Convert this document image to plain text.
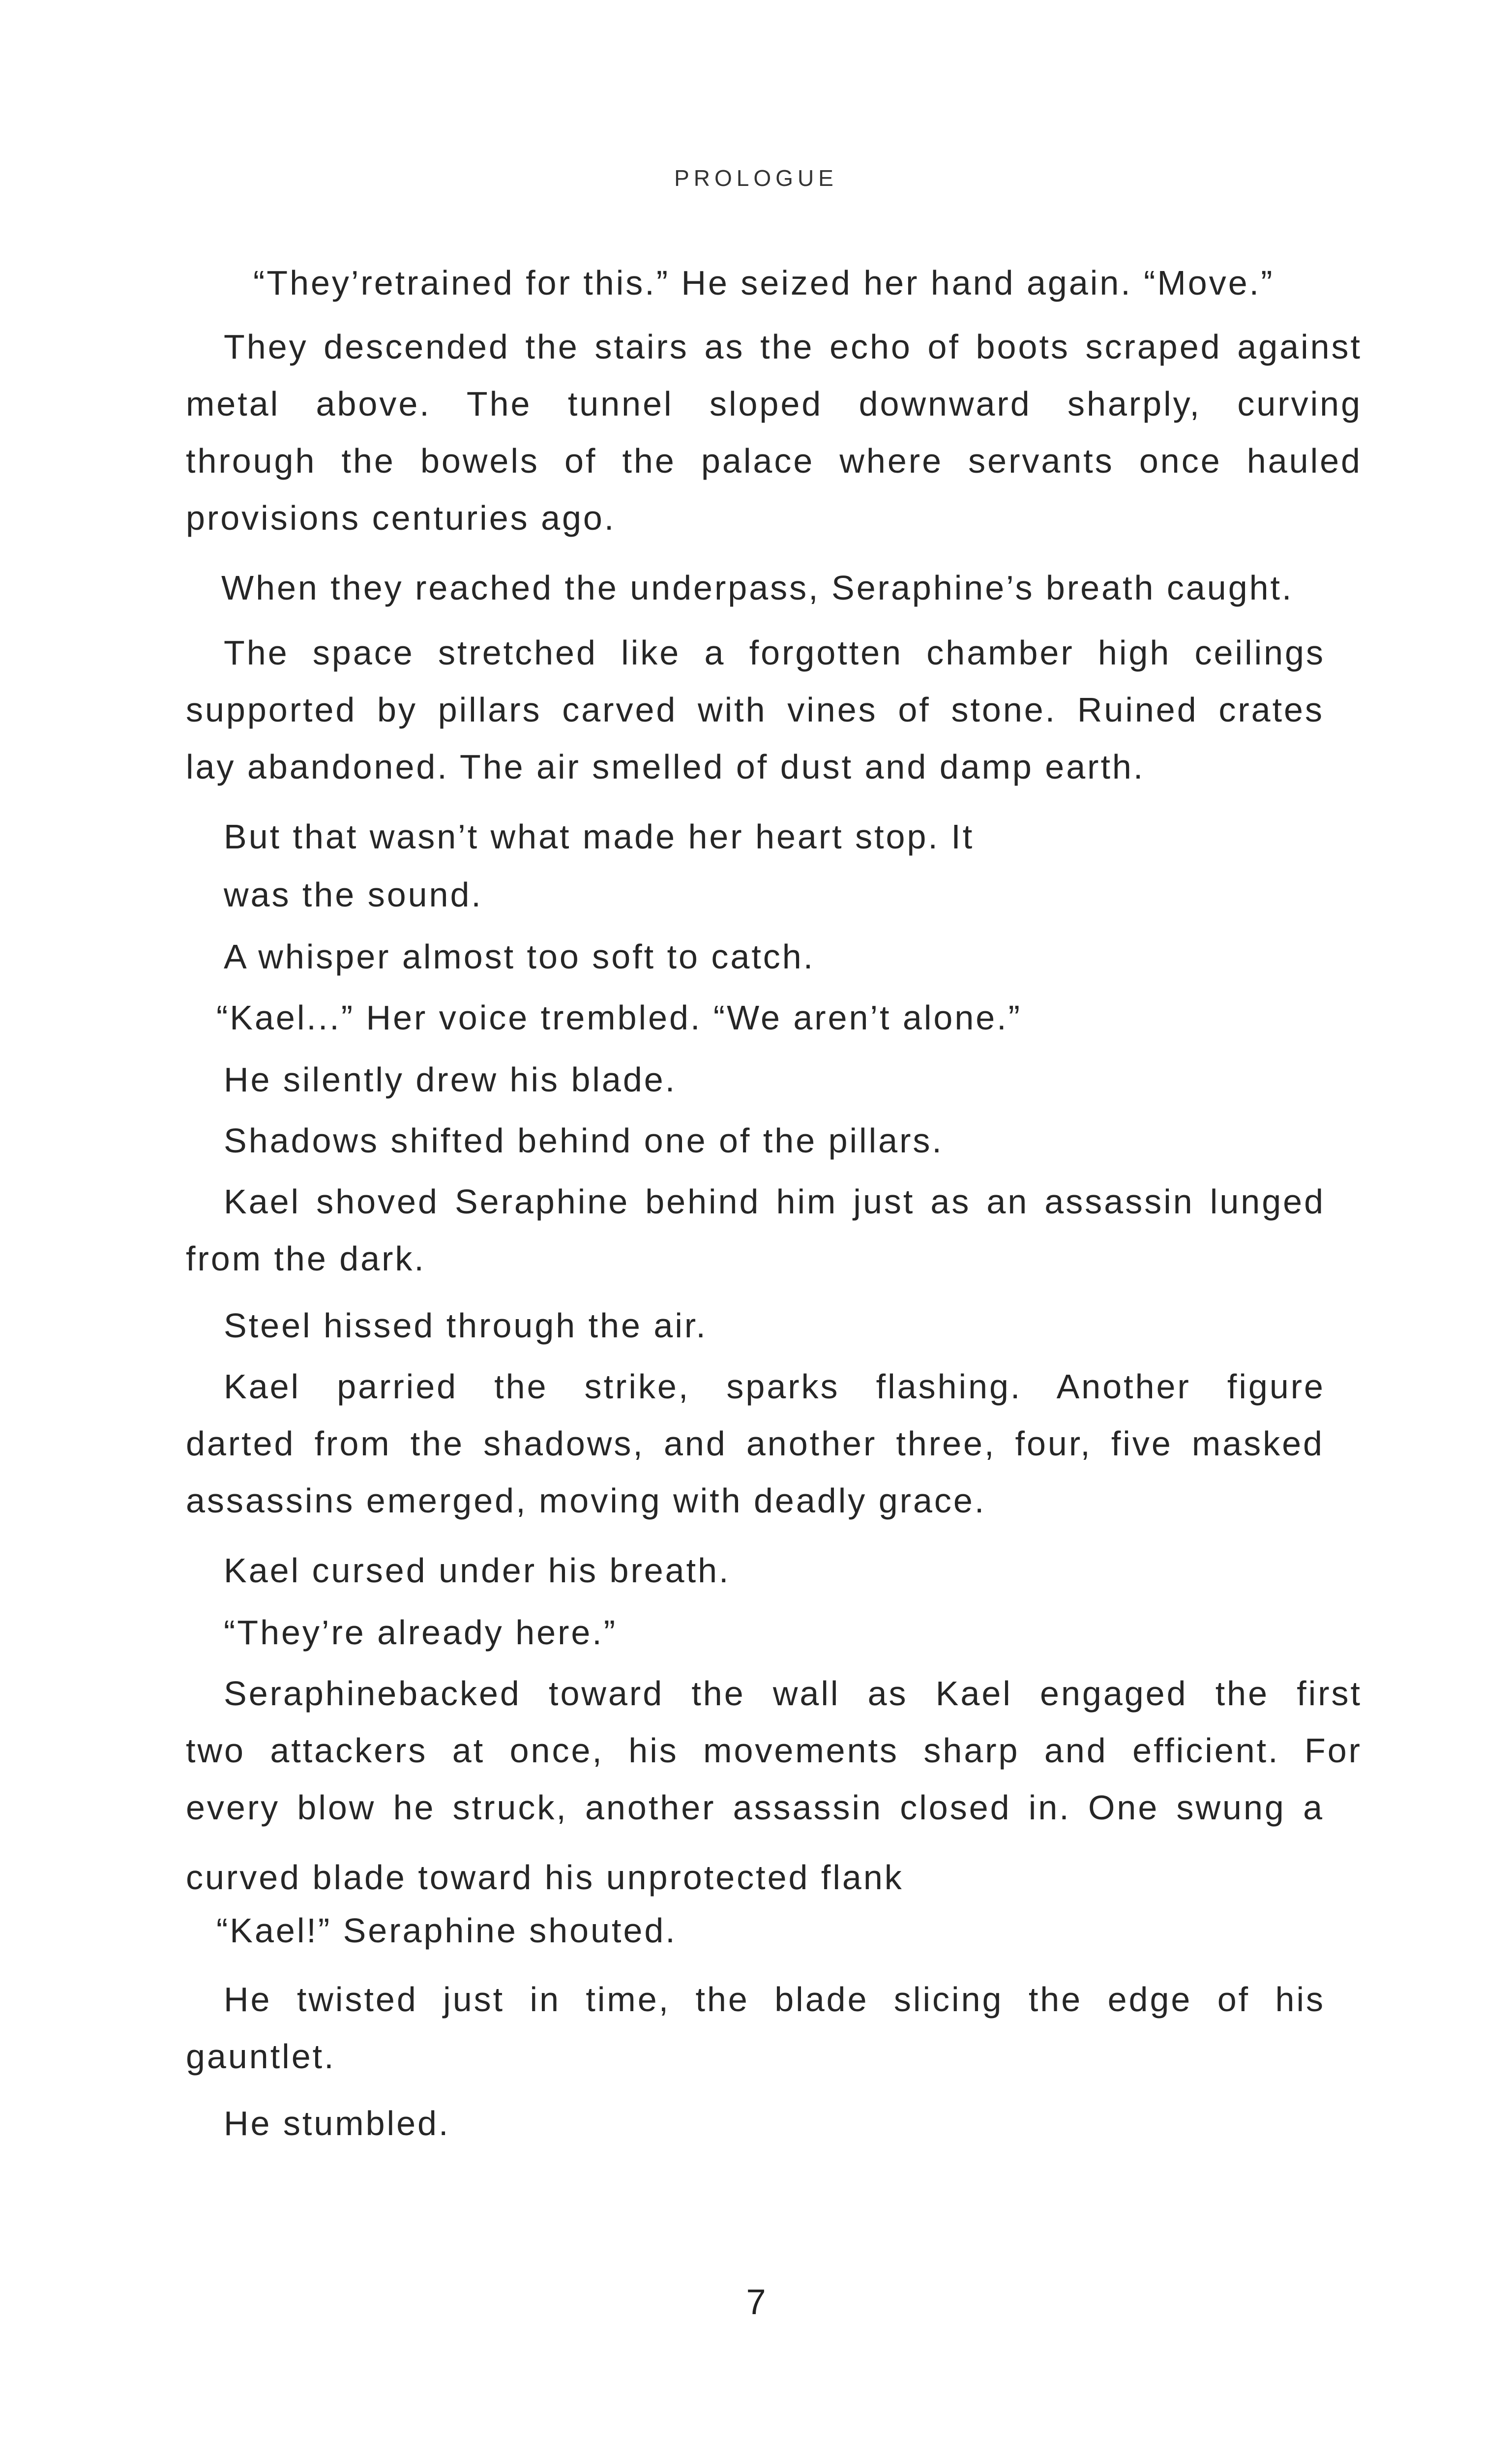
PROLOGUE
“They’retrained for this.” He seized her hand again. “Move.”
They descended the stairs as the echo of boots scraped against
metal above. The tunnel sloped downward sharply, curving
through the bowels of the palace where servants once hauled
provisions centuries ago.
When they reached the underpass, Seraphine’s breath caught.
The space stretched like a forgotten chamber high ceilings
supported by pillars carved with vines of stone. Ruined crates
lay abandoned. The air smelled of dust and damp earth.
But that wasn’t what made her heart stop. It
was the sound.
A whisper almost too soft to catch.
“Kael...” Her voice trembled. “We aren’t alone.”
He silently drew his blade.
Shadows shifted behind one of the pillars.
Kael shoved Seraphine behind him just as an assassin lunged
from the dark.
Steel hissed through the air.
Kael parried the strike, sparks flashing. Another figure
darted from the shadows, and another three, four, five masked
assassins emerged, moving with deadly grace.
Kael cursed under his breath.
“They’re already here.”
Seraphinebacked toward the wall as Kael engaged the first
two attackers at once, his movements sharp and efficient. For
every blow he struck, another assassin closed in. One swung a
curved blade toward his unprotected flank
“Kael!” Seraphine shouted.
He twisted just in time, the blade slicing the edge of his
gauntlet.
He stumbled.
7
